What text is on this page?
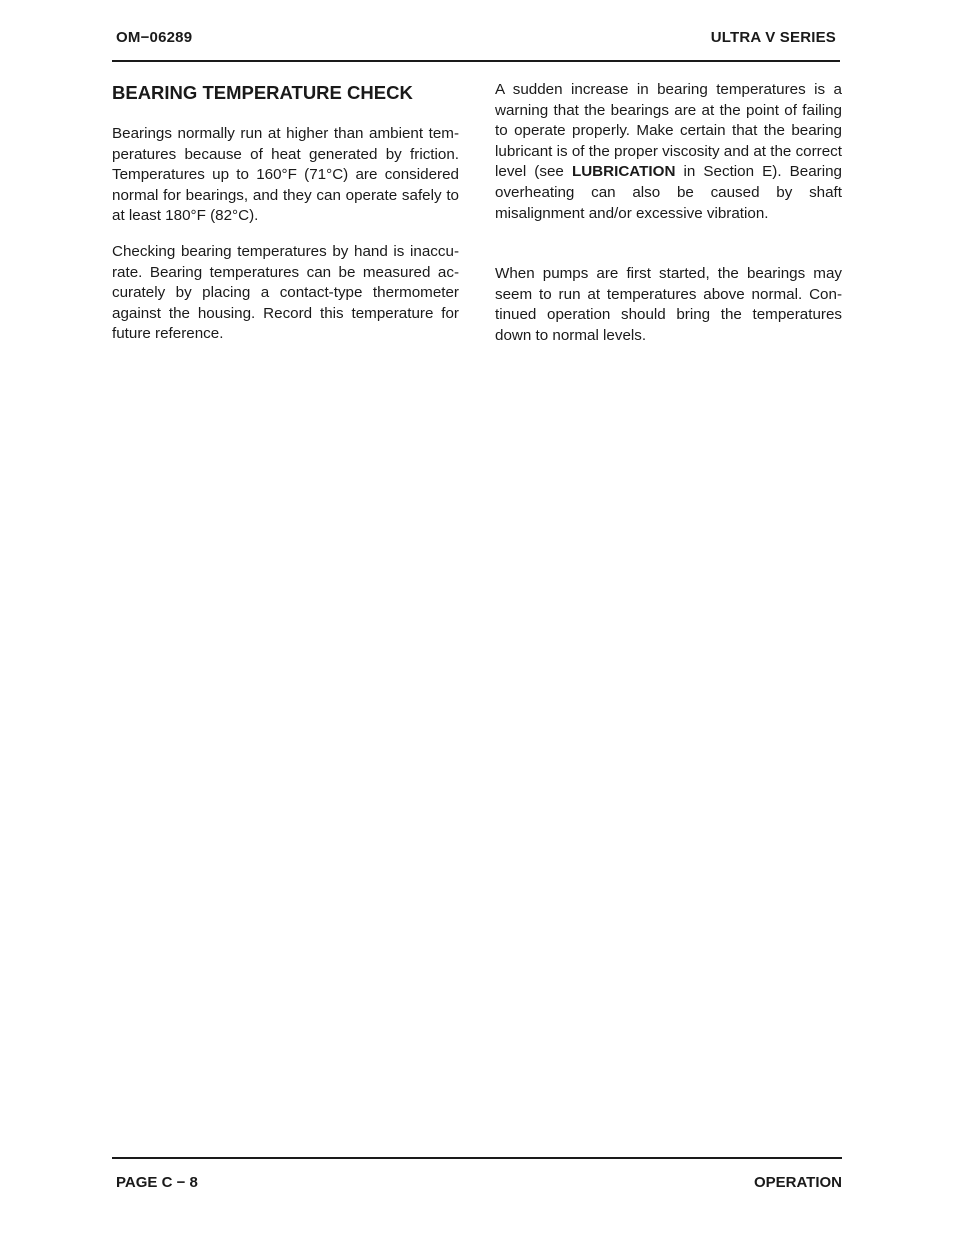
OM−06289	ULTRA V SERIES
BEARING TEMPERATURE CHECK

Bearings normally run at higher than ambient temperatures because of heat generated by friction. Temperatures up to 160°F (71°C) are considered normal for bearings, and they can operate safely to at least 180°F (82°C).

Checking bearing temperatures by hand is inaccurate. Bearing temperatures can be measured accurately by placing a contact-type thermometer against the housing. Record this temperature for future reference.

A sudden increase in bearing temperatures is a warning that the bearings are at the point of failing to operate properly. Make certain that the bearing lubricant is of the proper viscosity and at the correct level (see LUBRICATION in Section E). Bearing overheating can also be caused by shaft misalignment and/or excessive vibration.

When pumps are first started, the bearings may seem to run at temperatures above normal. Continued operation should bring the temperatures down to normal levels.

PAGE C − 8	OPERATION
